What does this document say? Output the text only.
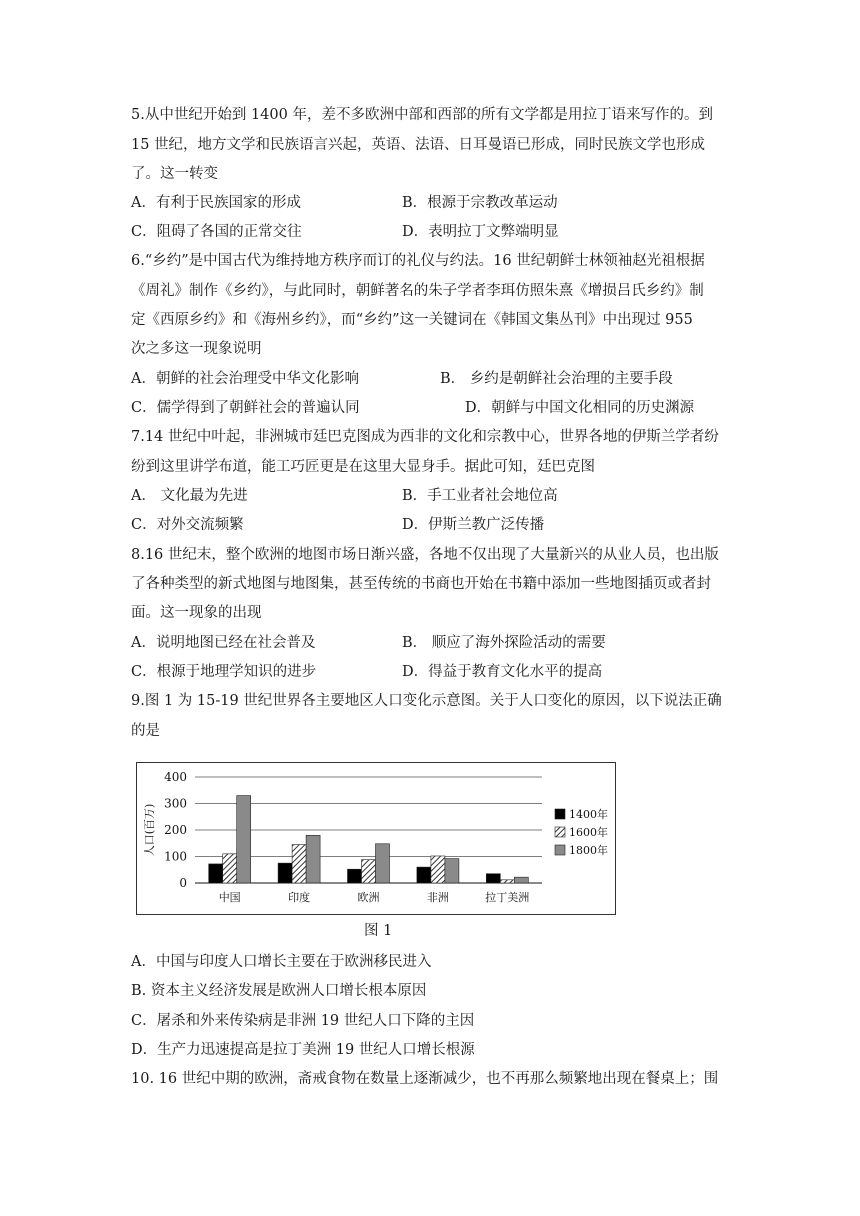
5.从中世纪开始到 1400 年，差不多欧洲中部和西部的所有文学都是用拉丁语来写作的。到
15 世纪，地方文学和民族语言兴起，英语、法语、日耳曼语已形成，同时民族文学也形成
了。这一转变
A．有利于民族国家的形成	B．根源于宗教改革运动
C．阻碍了各国的正常交往	D．表明拉丁文弊端明显
6.“乡约”是中国古代为维持地方秩序而订的礼仪与约法。16 世纪朝鲜士林领袖赵光祖根据
《周礼》制作《乡约》，与此同时，朝鲜著名的朱子学者李珥仿照朱熹《增损吕氏乡约》制
定《西原乡约》和《海州乡约》，而“乡约”这一关键词在《韩国文集丛刊》中出现过 955
次之多这一现象说明
A．朝鲜的社会治理受中华文化影响	B． 乡约是朝鲜社会治理的主要手段
C．儒学得到了朝鲜社会的普遍认同	D．朝鲜与中国文化相同的历史渊源
7.14 世纪中叶起，非洲城市廷巴克图成为西非的文化和宗教中心，世界各地的伊斯兰学者纷
纷到这里讲学布道，能工巧匠更是在这里大显身手。据此可知，廷巴克图
A． 文化最为先进	B．手工业者社会地位高
C．对外交流频繁	D．伊斯兰教广泛传播
8.16 世纪末，整个欧洲的地图市场日渐兴盛，各地不仅出现了大量新兴的从业人员，也出版
了各种类型的新式地图与地图集，甚至传统的书商也开始在书籍中添加一些地图插页或者封
面。这一现象的出现
A．说明地图已经在社会普及	B． 顺应了海外探险活动的需要
C．根源于地理学知识的进步	D．得益于教育文化水平的提高
9.图 1 为 15-19 世纪世界各主要地区人口变化示意图。关于人口变化的原因，以下说法正确
的是
0
100
200
300
400
人口(百万)
中国	印度	欧洲	非洲	拉丁美洲
1400年
1600年
1800年
图 1
A．中国与印度人口增长主要在于欧洲移民进入
B. 资本主义经济发展是欧洲人口增长根本原因
C．屠杀和外来传染病是非洲 19 世纪人口下降的主因
D．生产力迅速提高是拉丁美洲 19 世纪人口增长根源
10. 16 世纪中期的欧洲，斋戒食物在数量上逐渐减少，也不再那么频繁地出现在餐桌上；围
